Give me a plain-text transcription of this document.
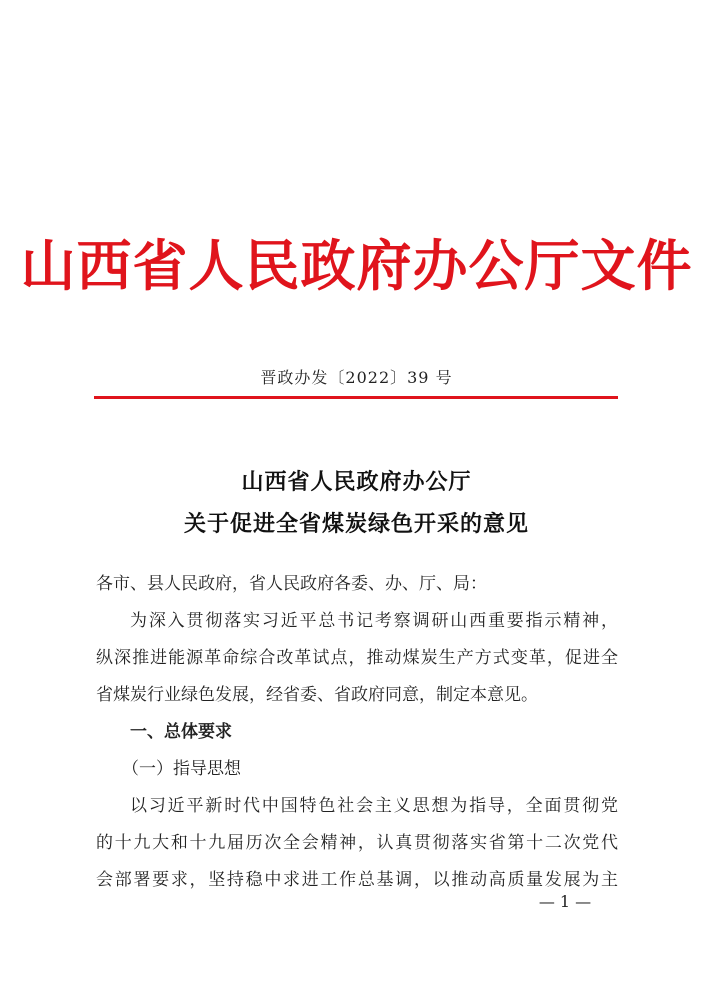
山西省人民政府办公厅文件
晋政办发〔2022〕39 号
山西省人民政府办公厅
关于促进全省煤炭绿色开采的意见
各市、县人民政府，省人民政府各委、办、厅、局：
为深入贯彻落实习近平总书记考察调研山西重要指示精神，
纵深推进能源革命综合改革试点，推动煤炭生产方式变革，促进全
省煤炭行业绿色发展，经省委、省政府同意，制定本意见。
一、总体要求
（一）指导思想
以习近平新时代中国特色社会主义思想为指导，全面贯彻党
的十九大和十九届历次全会精神，认真贯彻落实省第十二次党代
会部署要求，坚持稳中求进工作总基调，以推动高质量发展为主
— 1 —
